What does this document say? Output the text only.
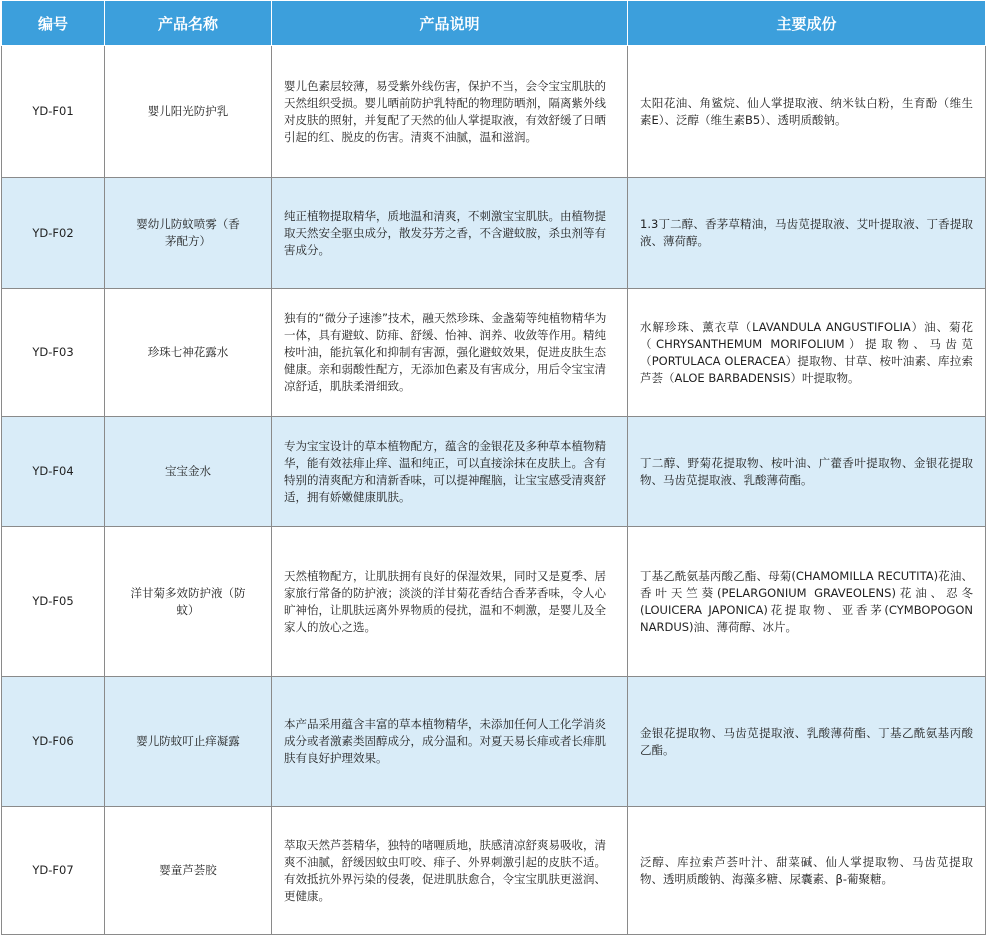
编号	产品名称	产品说明	主要成份
YD-F01	婴儿阳光防护乳	婴儿色素层较薄，易受紫外线伤害，保护不当，会令宝宝肌肤的天然组织受损。婴儿晒前防护乳特配的物理防晒剂，隔离紫外线对皮肤的照射，并复配了天然的仙人掌提取液，有效舒缓了日晒引起的红、脱皮的伤害。清爽不油腻，温和滋润。	太阳花油、角鲨烷、仙人掌提取液、纳米钛白粉，生育酚（维生素E）、泛醇（维生素B5）、透明质酸钠。
YD-F02	婴幼儿防蚊喷雾（香茅配方）	纯正植物提取精华，质地温和清爽，不刺激宝宝肌肤。由植物提取天然安全驱虫成分，散发芬芳之香，不含避蚊胺，杀虫剂等有害成分。	1.3丁二醇、香茅草精油，马齿苋提取液、艾叶提取液、丁香提取液、薄荷醇。
YD-F03	珍珠七神花露水	独有的“微分子速渗”技术，融天然珍珠、金盏菊等纯植物精华为一体，具有避蚊、防痱、舒缓、怡神、润养、收敛等作用。精纯桉叶油，能抗氧化和抑制有害源，强化避蚊效果，促进皮肤生态健康。亲和弱酸性配方，无添加色素及有害成分，用后令宝宝清凉舒适，肌肤柔滑细致。	水解珍珠、薰衣草（LAVANDULA ANGUSTIFOLIA）油、菊花（CHRYSANTHEMUM MORIFOLIUM）提取物、马齿苋（PORTULACA OLERACEA）提取物、甘草、桉叶油素、库拉索芦荟（ALOE BARBADENSIS）叶提取物。
YD-F04	宝宝金水	专为宝宝设计的草本植物配方，蕴含的金银花及多种草本植物精华，能有效祛痱止痒、温和纯正，可以直接涂抹在皮肤上。含有特别的清爽配方和清新香味，可以提神醒脑，让宝宝感受清爽舒适，拥有娇嫩健康肌肤。	丁二醇、野菊花提取物、桉叶油、广藿香叶提取物、金银花提取物、马齿苋提取液、乳酸薄荷酯。
YD-F05	洋甘菊多效防护液（防蚊）	天然植物配方，让肌肤拥有良好的保湿效果，同时又是夏季、居家旅行常备的防护液；淡淡的洋甘菊花香结合香茅香味，令人心旷神怡，让肌肤远离外界物质的侵扰，温和不刺激，是婴儿及全家人的放心之选。	丁基乙酰氨基丙酸乙酯、母菊(CHAMOMILLA RECUTITA)花油、香叶天竺葵(PELARGONIUM GRAVEOLENS)花油、忍冬(LOUICERA JAPONICA)花提取物、亚香茅(CYMBOPOGON NARDUS)油、薄荷醇、冰片。
YD-F06	婴儿防蚊叮止痒凝露	本产品采用蕴含丰富的草本植物精华，未添加任何人工化学消炎成分或者激素类固醇成分，成分温和。对夏天易长痱或者长痱肌肤有良好护理效果。	金银花提取物、马齿苋提取液、乳酸薄荷酯、丁基乙酰氨基丙酸乙酯。
YD-F07	婴童芦荟胶	萃取天然芦荟精华，独特的啫喱质地，肤感清凉舒爽易吸收，清爽不油腻，舒缓因蚊虫叮咬、痱子、外界刺激引起的皮肤不适。有效抵抗外界污染的侵袭，促进肌肤愈合，令宝宝肌肤更滋润、更健康。	泛醇、库拉索芦荟叶汁、甜菜碱、仙人掌提取物、马齿苋提取物、透明质酸钠、海藻多糖、尿囊素、β-葡聚糖。
